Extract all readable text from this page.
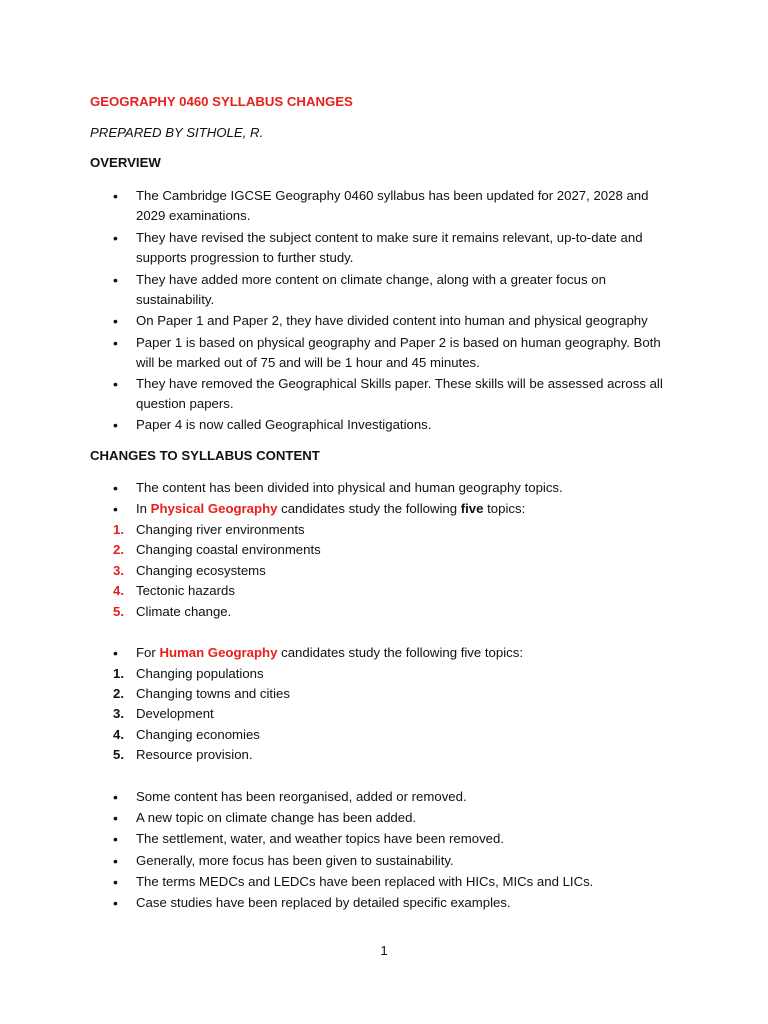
GEOGRAPHY 0460 SYLLABUS CHANGES
PREPARED BY SITHOLE, R.
OVERVIEW
•
The Cambridge IGCSE Geography 0460 syllabus has been updated for 2027, 2028 and
2029 examinations.
•
They have revised the subject content to make sure it remains relevant, up-to-date and
supports progression to further study.
•
They have added more content on climate change, along with a greater focus on
sustainability.
•
On Paper 1 and Paper 2, they have divided content into human and physical geography
•
Paper 1 is based on physical geography and Paper 2 is based on human geography. Both
will be marked out of 75 and will be 1 hour and 45 minutes.
•
They have removed the Geographical Skills paper. These skills will be assessed across all
question papers.
•
Paper 4 is now called Geographical Investigations.
CHANGES TO SYLLABUS CONTENT
•
The content has been divided into physical and human geography topics.
•
In Physical Geography candidates study the following five topics:
1. Changing river environments
2. Changing coastal environments
3. Changing ecosystems
4. Tectonic hazards
5. Climate change.
•
For Human Geography candidates study the following five topics:
1. Changing populations
2. Changing towns and cities
3. Development
4. Changing economies
5. Resource provision.
•
Some content has been reorganised, added or removed.
•
A new topic on climate change has been added.
•
The settlement, water, and weather topics have been removed.
•
Generally, more focus has been given to sustainability.
•
The terms MEDCs and LEDCs have been replaced with HICs, MICs and LICs.
•
Case studies have been replaced by detailed specific examples.
1
